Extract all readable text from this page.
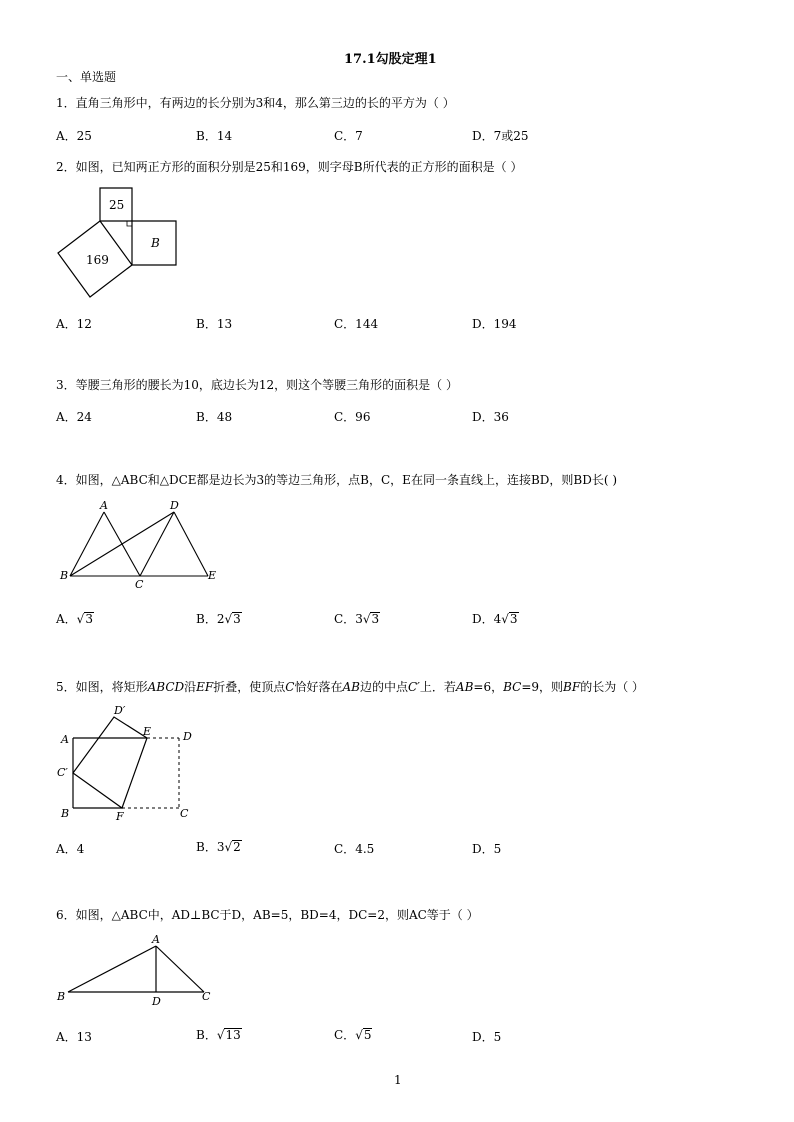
17.1勾股定理1
一、单选题
1．直角三角形中，有两边的长分别为3和4，那么第三边的长的平方为（ ）
A．25	B．14	C．7	D．7或25
2．如图，已知两正方形的面积分别是25和169，则字母B所代表的正方形的面积是（ ）
25
B
169
A．12	B．13	C．144	D．194
3．等腰三角形的腰长为10，底边长为12，则这个等腰三角形的面积是（ ）
A．24	B．48	C．96	D．36
4．如图，△ABC和△DCE都是边长为3的等边三角形，点B，C，E在同一条直线上，连接BD，则BD长( )
A	D
B
C
E
A．√3	B．2√3	C．3√3	D．4√3
5．如图，将矩形ABCD沿EF折叠，使顶点C恰好落在AB边的中点C′上．若AB=6，BC=9，则BF的长为（ ）
D′
E	D
A
C′
B	F	C
A．4	B．3√2	C．4.5	D．5
6．如图，△ABC中，AD⊥BC于D，AB=5，BD=4，DC=2，则AC等于（ ）
A
B	D	C
A．13	B．√13	C．√5	D．5
1
